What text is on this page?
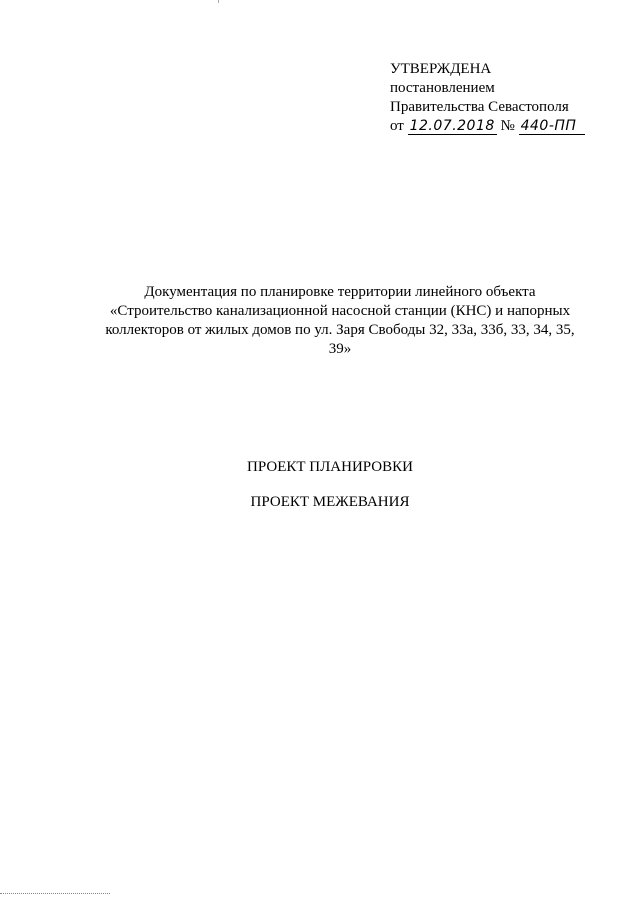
УТВЕРЖДЕНА
постановлением
Правительства Севастополя
от 12.07.2018 № 440-ПП
Документация по планировке территории линейного объекта
«Строительство канализационной насосной станции (КНС) и напорных
коллекторов от жилых домов по ул. Заря Свободы 32, 33а, 33б, 33, 34, 35, 39»
ПРОЕКТ ПЛАНИРОВКИ
ПРОЕКТ МЕЖЕВАНИЯ
